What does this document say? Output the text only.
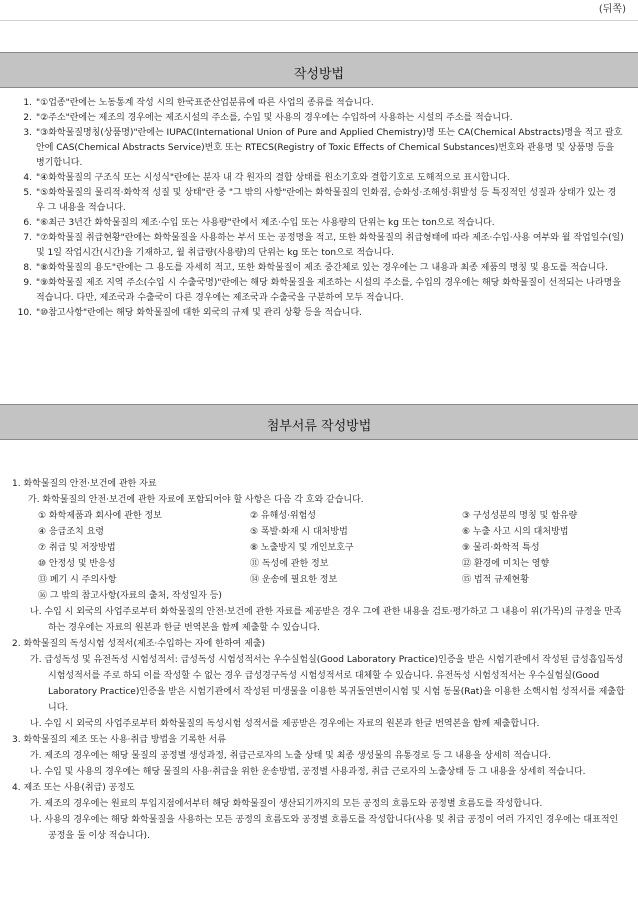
(뒤쪽)
작성방법
1. "①업종"란에는 노동통계 작성 시의 한국표준산업분류에 따른 사업의 종류를 적습니다.
2. "②주소"란에는 제조의 경우에는 제조시설의 주소를, 수입 및 사용의 경우에는 수입하여 사용하는 시설의 주소를 적습니다.
3. "③화학물질명칭(상품명)"란에는 IUPAC(International Union of Pure and Applied Chemistry)명 또는 CA(Chemical Abstracts)명을 적고 괄호 안에 CAS(Chemical Abstracts Service)번호 또는 RTECS(Registry of Toxic Effects of Chemical Substances)번호와 관용명 및 상품명 등을 병기합니다.
4. "④화학물질의 구조식 또는 시성식"란에는 분자 내 각 원자의 결합 상태를 원소기호와 결합기호로 도해적으로 표시합니다.
5. "⑤화학물질의 물리적·화학적 성질 및 상태"란 중 "그 밖의 사항"란에는 화학물질의 인화점, 승화성·조해성·휘발성 등 특징적인 성질과 상태가 있는 경우 그 내용을 적습니다.
6. "⑥최근 3년간 화학물질의 제조·수입 또는 사용량"란에서 제조·수입 또는 사용량의 단위는 kg 또는 ton으로 적습니다.
7. "⑦화학물질 취급현황"란에는 화학물질을 사용하는 부서 또는 공정명을 적고, 또한 화학물질의 취급형태에 따라 제조·수입·사용 여부와 월 작업일수(일) 및 1일 작업시간(시간)을 기재하고, 월 취급량(사용량)의 단위는 kg 또는 ton으로 적습니다.
8. "⑧화학물질의 용도"란에는 그 용도를 자세히 적고, 또한 화학물질이 제조 중간체로 있는 경우에는 그 내용과 최종 제품의 명칭 및 용도를 적습니다.
9. "⑨화학물질 제조 지역 주소(수입 시 수출국명)"란에는 해당 화학물질을 제조하는 시설의 주소를, 수입의 경우에는 해당 화학물질이 선적되는 나라명을 적습니다. 다만, 제조국과 수출국이 다른 경우에는 제조국과 수출국을 구분하여 모두 적습니다.
10. "⑩참고사항"란에는 해당 화학물질에 대한 외국의 규제 및 관리 상황 등을 적습니다.
첨부서류 작성방법
1. 화학물질의 안전·보건에 관한 자료
가. 화학물질의 안전·보건에 관한 자료에 포함되어야 할 사항은 다음 각 호와 같습니다.
① 화학제품과 회사에 관한 정보	② 유해성·위험성	③ 구성성분의 명칭 및 함유량
④ 응급조치 요령	⑤ 폭발·화재 시 대처방법	⑥ 누출 사고 시의 대처방법
⑦ 취급 및 저장방법	⑧ 노출방지 및 개인보호구	⑨ 물리·화학적 특성
⑩ 안정성 및 반응성	⑪ 독성에 관한 정보	⑫ 환경에 미치는 영향
⑬ 폐기 시 주의사항	⑭ 운송에 필요한 정보	⑮ 법적 규제현황
⑯ 그 밖의 참고사항(자료의 출처, 작성일자 등)
나. 수입 시 외국의 사업주로부터 화학물질의 안전·보건에 관한 자료를 제공받은 경우 그에 관한 내용을 검토·평가하고 그 내용이 위(가목)의 규정을 만족하는 경우에는 자료의 원본과 한글 번역본을 함께 제출할 수 있습니다.
2. 화학물질의 독성시험 성적서(제조·수입하는 자에 한하여 제출)
가. 급성독성 및 유전독성 시험성적서: 급성독성 시험성적서는 우수실험실(Good Laboratory Practice)인증을 받은 시험기관에서 작성된 급성흡입독성 시험성적서를 주로 하되 이를 작성할 수 없는 경우 급성경구독성 시험성적서로 대체할 수 있습니다. 유전독성 시험성적서는 우수실험실(Good Laboratory Practice)인증을 받은 시험기관에서 작성된 미생물을 이용한 복귀돌연변이시험 및 시험 동물(Rat)을 이용한 소핵시험 성적서를 제출합니다.
나. 수입 시 외국의 사업주로부터 화학물질의 독성시험 성적서를 제공받은 경우에는 자료의 원본과 한글 번역본을 함께 제출합니다.
3. 화학물질의 제조 또는 사용·취급 방법을 기록한 서류
가. 제조의 경우에는 해당 물질의 공정별 생성과정, 취급근로자의 노출 상태 및 최종 생성물의 유통경로 등 그 내용을 상세히 적습니다.
나. 수입 및 사용의 경우에는 해당 물질의 사용·취급을 위한 운송방법, 공정별 사용과정, 취급 근로자의 노출상태 등 그 내용을 상세히 적습니다.
4. 제조 또는 사용(취급) 공정도
가. 제조의 경우에는 원료의 투입지점에서부터 해당 화학물질이 생산되기까지의 모든 공정의 흐름도와 공정별 흐름도를 작성합니다.
나. 사용의 경우에는 해당 화학물질을 사용하는 모든 공정의 흐름도와 공정별 흐름도를 작성합니다(사용 및 취급 공정이 여러 가지인 경우에는 대표적인 공정을 둘 이상 적습니다).
